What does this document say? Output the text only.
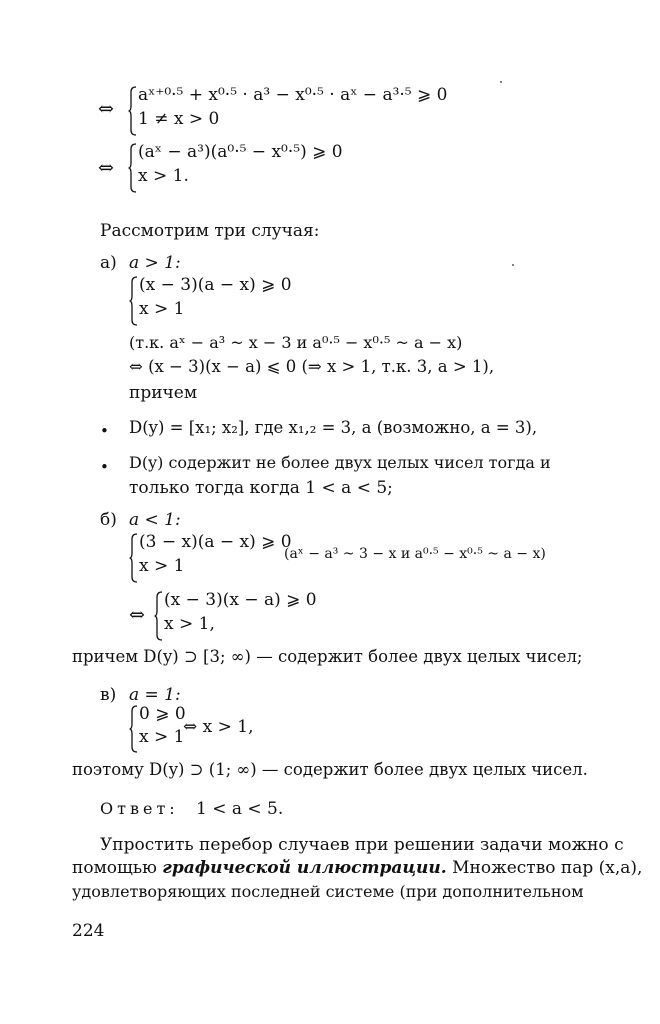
⇔
aˣ⁺⁰·⁵ + x⁰·⁵ · a³ − x⁰·⁵ · aˣ − a³·⁵ ⩾ 0
1 ≠ x > 0
⇔
(aˣ − a³)(a⁰·⁵ − x⁰·⁵) ⩾ 0
x > 1.
Рассмотрим три случая:
а) a > 1:
(x − 3)(a − x) ⩾ 0
x > 1
(т.к. aˣ − a³ ~ x − 3 и a⁰·⁵ − x⁰·⁵ ~ a − x)
⇔ (x − 3)(x − a) ⩽ 0 (⇒ x > 1, т.к. 3, a > 1),
причем
• D(y) = [x₁; x₂], где x₁,₂ = 3, a (возможно, a = 3),
• D(y) содержит не более двух целых чисел тогда и
только тогда когда 1 < a < 5;
б) a < 1:
(3 − x)(a − x) ⩾ 0
x > 1
(aˣ − a³ ~ 3 − x и a⁰·⁵ − x⁰·⁵ ~ a − x)
⇔
(x − 3)(x − a) ⩾ 0
x > 1,
причем D(y) ⊃ [3; ∞) — содержит более двух целых чисел;
в) a = 1:
0 ⩾ 0
x > 1
⇔ x > 1,
поэтому D(y) ⊃ (1; ∞) — содержит более двух целых чисел.
Ответ: 1 < a < 5.
Упростить перебор случаев при решении задачи можно с
помощью графической иллюстрации. Множество пар (x,a),
удовлетворяющих последней системе (при дополнительном
224
